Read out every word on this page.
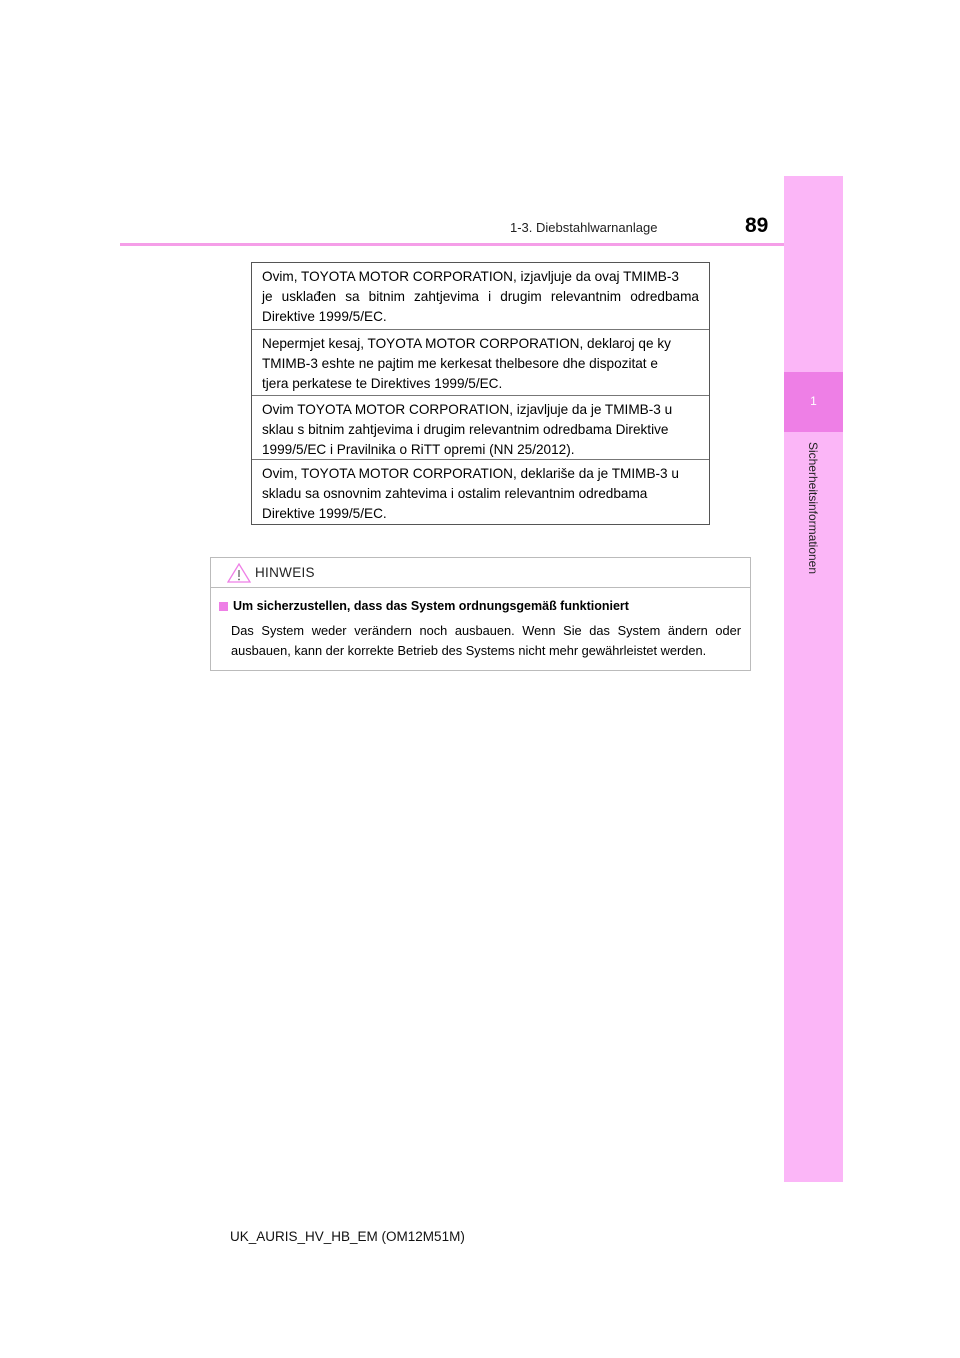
1-3. Diebstahlwarnanlage	89
1
Sicherheitsinformationen
Ovim, TOYOTA MOTOR CORPORATION, izjavljuje da ovaj TMIMB-3
je usklađen sa bitnim zahtjevima i drugim relevantnim odredbama
Direktive 1999/5/EC.
Nepermjet kesaj, TOYOTA MOTOR CORPORATION, deklaroj qe ky
TMIMB-3 eshte ne pajtim me kerkesat thelbesore dhe dispozitat e
tjera perkatese te Direktives 1999/5/EC.
Ovim TOYOTA MOTOR CORPORATION, izjavljuje da je TMIMB-3 u
sklau s bitnim zahtjevima i drugim relevantnim odredbama Direktive
1999/5/EC i Pravilnika o RiTT opremi (NN 25/2012).
Ovim, TOYOTA MOTOR CORPORATION, deklariše da je TMIMB-3 u
skladu sa osnovnim zahtevima i ostalim relevantnim odredbama
Direktive 1999/5/EC.
HINWEIS
Um sicherzustellen, dass das System ordnungsgemäß funktioniert
Das System weder verändern noch ausbauen. Wenn Sie das System ändern oder
ausbauen, kann der korrekte Betrieb des Systems nicht mehr gewährleistet werden.
UK_AURIS_HV_HB_EM (OM12M51M)
